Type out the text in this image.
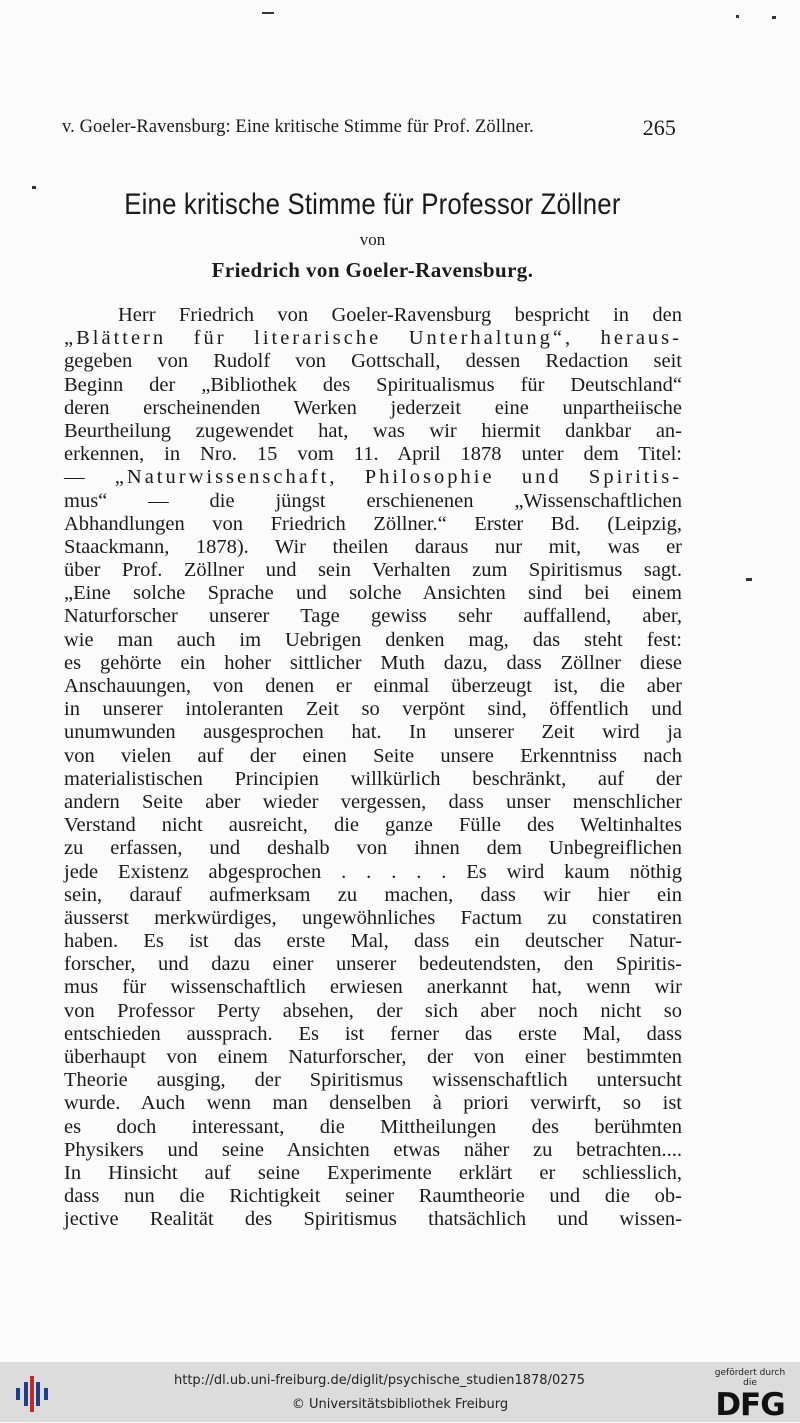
v. Goeler-Ravensburg: Eine kritische Stimme für Prof. Zöllner.	265
Eine kritische Stimme für Professor Zöllner
von
Friedrich von Goeler-Ravensburg.
Herr Friedrich von Goeler-Ravensburg bespricht in den
„Blättern für literarische Unterhaltung“, heraus-
gegeben von Rudolf von Gottschall, dessen Redaction seit
Beginn der „Bibliothek des Spiritualismus für Deutschland“
deren erscheinenden Werken jederzeit eine unpartheiische
Beurtheilung zugewendet hat, was wir hiermit dankbar an-
erkennen, in Nro. 15 vom 11. April 1878 unter dem Titel:
— „Naturwissenschaft, Philosophie und Spiritis-
mus“ — die jüngst erschienenen „Wissenschaftlichen
Abhandlungen von Friedrich Zöllner.“ Erster Bd. (Leipzig,
Staackmann, 1878). Wir theilen daraus nur mit, was er
über Prof. Zöllner und sein Verhalten zum Spiritismus sagt.
„Eine solche Sprache und solche Ansichten sind bei einem
Naturforscher unserer Tage gewiss sehr auffallend, aber,
wie man auch im Uebrigen denken mag, das steht fest:
es gehörte ein hoher sittlicher Muth dazu, dass Zöllner diese
Anschauungen, von denen er einmal überzeugt ist, die aber
in unserer intoleranten Zeit so verpönt sind, öffentlich und
unumwunden ausgesprochen hat. In unserer Zeit wird ja
von vielen auf der einen Seite unsere Erkenntniss nach
materialistischen Principien willkürlich beschränkt, auf der
andern Seite aber wieder vergessen, dass unser menschlicher
Verstand nicht ausreicht, die ganze Fülle des Weltinhaltes
zu erfassen, und deshalb von ihnen dem Unbegreiflichen
jede Existenz abgesprochen . . . . . Es wird kaum nöthig
sein, darauf aufmerksam zu machen, dass wir hier ein
äusserst merkwürdiges, ungewöhnliches Factum zu constatiren
haben. Es ist das erste Mal, dass ein deutscher Natur-
forscher, und dazu einer unserer bedeutendsten, den Spiritis-
mus für wissenschaftlich erwiesen anerkannt hat, wenn wir
von Professor Perty absehen, der sich aber noch nicht so
entschieden aussprach. Es ist ferner das erste Mal, dass
überhaupt von einem Naturforscher, der von einer bestimmten
Theorie ausging, der Spiritismus wissenschaftlich untersucht
wurde. Auch wenn man denselben à priori verwirft, so ist
es doch interessant, die Mittheilungen des berühmten
Physikers und seine Ansichten etwas näher zu betrachten....
In Hinsicht auf seine Experimente erklärt er schliesslich,
dass nun die Richtigkeit seiner Raumtheorie und die ob-
jective Realität des Spiritismus thatsächlich und wissen-
http://dl.ub.uni-freiburg.de/diglit/psychische_studien1878/0275
© Universitätsbibliothek Freiburg
gefördert durch die
DFG
